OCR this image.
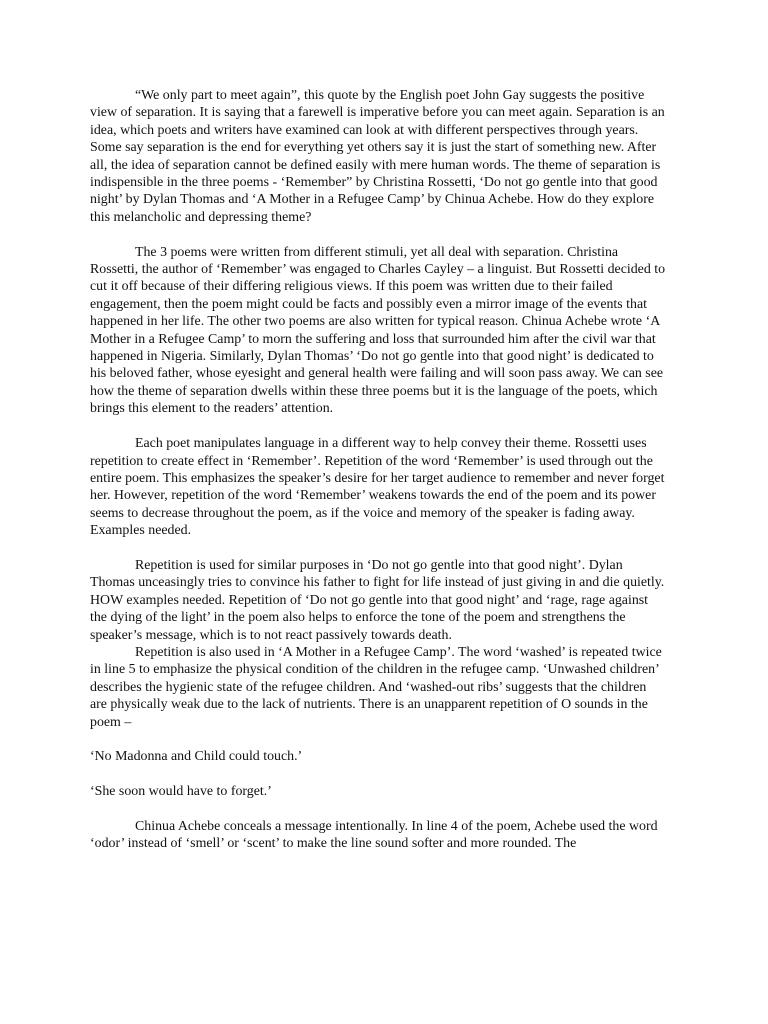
“We only part to meet again”, this quote by the English poet John Gay suggests the positive view of separation. It is saying that a farewell is imperative before you can meet again. Separation is an idea, which poets and writers have examined can look at with different perspectives through years. Some say separation is the end for everything yet others say it is just the start of something new. After all, the idea of separation cannot be defined easily with mere human words. The theme of separation is indispensible in the three poems - ‘Remember” by Christina Rossetti, ‘Do not go gentle into that good night’ by Dylan Thomas and ‘A Mother in a Refugee Camp’ by Chinua Achebe. How do they explore this melancholic and depressing theme?

The 3 poems were written from different stimuli, yet all deal with separation. Christina Rossetti, the author of ‘Remember’ was engaged to Charles Cayley – a linguist. But Rossetti decided to cut it off because of their differing religious views. If this poem was written due to their failed engagement, then the poem might could be facts and possibly even a mirror image of the events that happened in her life. The other two poems are also written for typical reason. Chinua Achebe wrote ‘A Mother in a Refugee Camp’ to morn the suffering and loss that surrounded him after the civil war that happened in Nigeria. Similarly, Dylan Thomas’ ‘Do not go gentle into that good night’ is dedicated to his beloved father, whose eyesight and general health were failing and will soon pass away. We can see how the theme of separation dwells within these three poems but it is the language of the poets, which brings this element to the readers’ attention.

Each poet manipulates language in a different way to help convey their theme. Rossetti uses repetition to create effect in ‘Remember’. Repetition of the word ‘Remember’ is used through out the entire poem. This emphasizes the speaker’s desire for her target audience to remember and never forget her. However, repetition of the word ‘Remember’ weakens towards the end of the poem and its power seems to decrease throughout the poem, as if the voice and memory of the speaker is fading away. Examples needed.

Repetition is used for similar purposes in ‘Do not go gentle into that good night’. Dylan Thomas unceasingly tries to convince his father to fight for life instead of just giving in and die quietly. HOW examples needed. Repetition of ‘Do not go gentle into that good night’ and ‘rage, rage against the dying of the light’ in the poem also helps to enforce the tone of the poem and strengthens the speaker’s message, which is to not react passively towards death.

Repetition is also used in ‘A Mother in a Refugee Camp’. The word ‘washed’ is repeated twice in line 5 to emphasize the physical condition of the children in the refugee camp. ‘Unwashed children’ describes the hygienic state of the refugee children. And ‘washed-out ribs’ suggests that the children are physically weak due to the lack of nutrients. There is an unapparent repetition of O sounds in the poem –

‘No Madonna and Child could touch.’

‘She soon would have to forget.’

Chinua Achebe conceals a message intentionally. In line 4 of the poem, Achebe used the word ‘odor’ instead of ‘smell’ or ‘scent’ to make the line sound softer and more rounded. The
